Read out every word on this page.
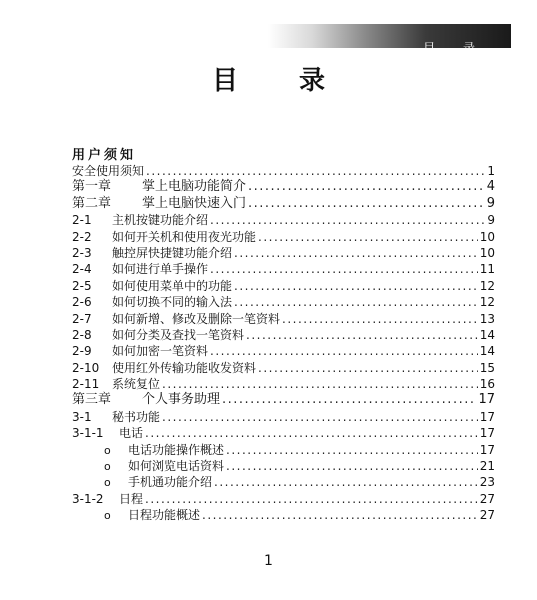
目 录
目 录
用户须知
安全使用须知 .....	1
第一章	掌上电脑功能简介 .....	4
第二章	掌上电脑快速入门 .....	9
2-1	主机按键功能介绍 .....	9
2-2	如何开关机和使用夜光功能 .....	10
2-3	触控屏快捷键功能介绍 .....	10
2-4	如何进行单手操作 .....	11
2-5	如何使用菜单中的功能 .....	12
2-6	如何切换不同的输入法 .....	12
2-7	如何新增、修改及删除一笔资料 .....	13
2-8	如何分类及查找一笔资料 .....	14
2-9	如何加密一笔资料 .....	14
2-10	使用红外传输功能收发资料 .....	15
2-11	系统复位 .....	16
第三章	个人事务助理 .....	17
3-1	秘书功能 .....	17
3-1-1	电话 .....	17
o	电话功能操作概述 .....	17
o	如何浏览电话资料 .....	21
o	手机通功能介绍 .....	23
3-1-2	日程 .....	27
o	日程功能概述 .....	27
1
